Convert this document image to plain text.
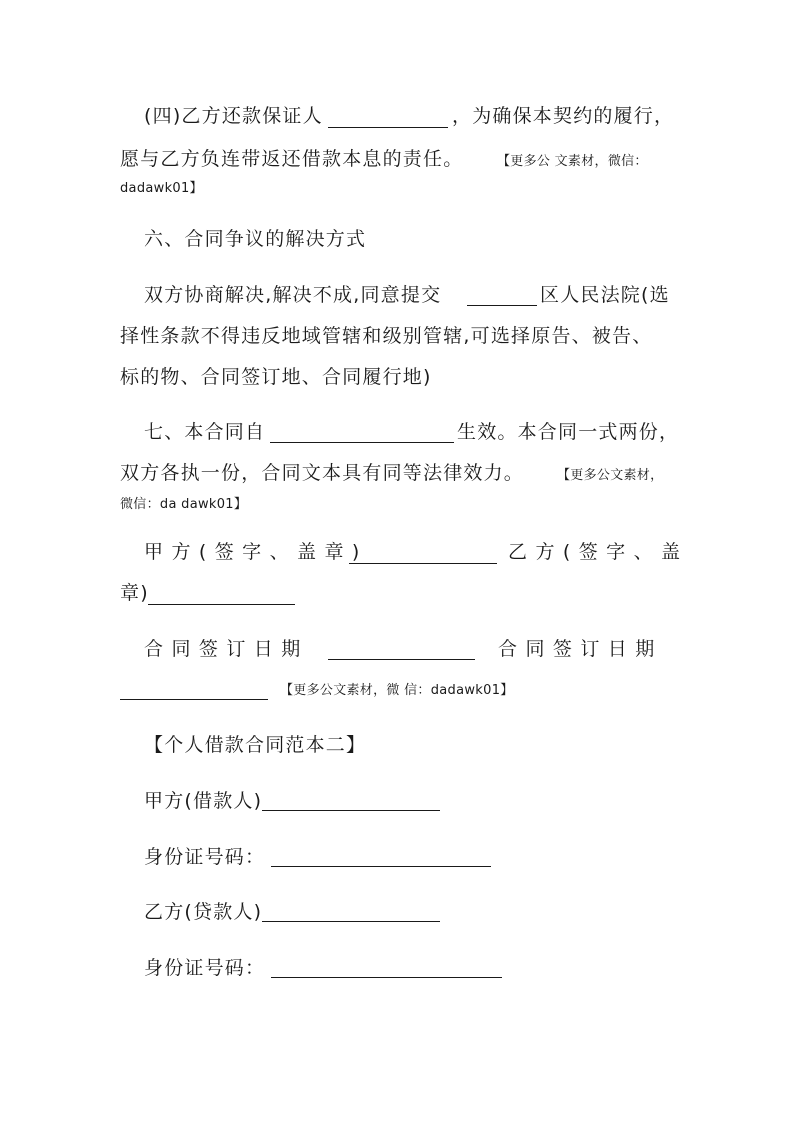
(四)乙方还款保证人	，为确保本契约的履行，
愿与乙方负连带返还借款本息的责任。	【更多公 文素材，微信：
dadawk01】
六、合同争议的解决方式
双方协商解决,解决不成,同意提交	区人民法院(选
择性条款不得违反地域管辖和级别管辖,可选择原告、被告、
标的物、合同签订地、合同履行地)
七、本合同自	生效。本合同一式两份，
双方各执一份，合同文本具有同等法律效力。	【更多公文素材，
微信：da dawk01】
甲 方 ( 签 字 、 盖 章 )	乙 方 ( 签 字 、 盖
章)
合 同 签 订 日 期	合 同 签 订 日 期
【更多公文素材，微 信：dadawk01】
【个人借款合同范本二】
甲方(借款人)
身份证号码：
乙方(贷款人)
身份证号码：
